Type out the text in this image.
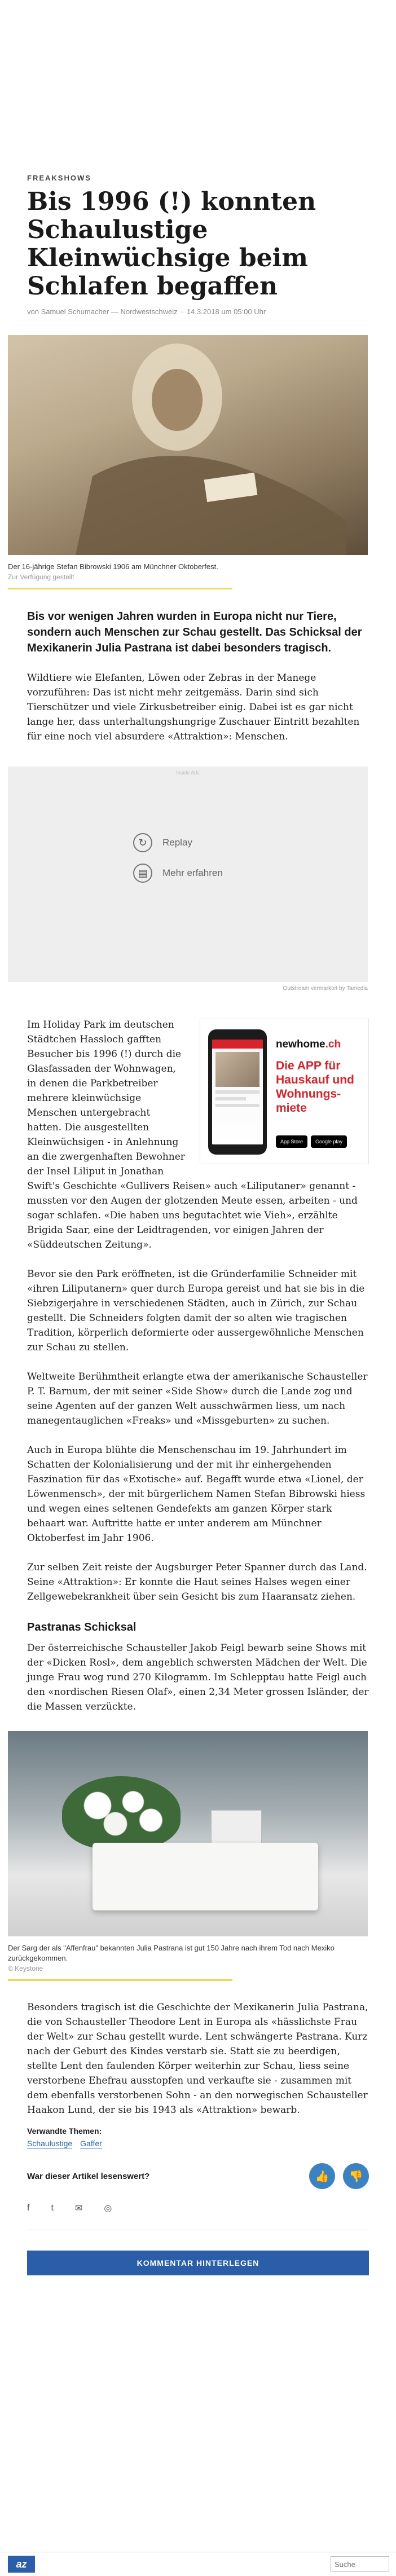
FREAKSHOWS
Bis 1996 (!) konnten Schaulustige Kleinwüchsige beim Schlafen begaffen
von Samuel Schumacher — Nordwestschweiz · 14.3.2018 um 05:00 Uhr
Der 16-jährige Stefan Bibrowski 1906 am Münchner Oktoberfest.
Zur Verfügung gestellt

Bis vor wenigen Jahren wurden in Europa nicht nur Tiere, sondern auch Menschen zur Schau gestellt. Das Schicksal der Mexikanerin Julia Pastrana ist dabei besonders tragisch.

Wildtiere wie Elefanten, Löwen oder Zebras in der Manege vorzuführen: Das ist nicht mehr zeitgemäss. Darin sind sich Tierschützer und viele Zirkusbetreiber einig. Dabei ist es gar nicht lange her, dass unterhaltungshungrige Zuschauer Eintritt bezahlten für eine noch viel absurdere «Attraktion»: Menschen.

Inside Ads
↻	Replay
▤	Mehr erfahren
Outstream vermarktet by Tamedia
newhome.ch
Die APP für Hauskauf und Wohnungs-miete
App Store	Google play

Im Holiday Park im deutschen Städtchen Hassloch gafften Besucher bis 1996 (!) durch die Glasfassaden der Wohnwagen, in denen die Parkbetreiber mehrere kleinwüchsige Menschen untergebracht hatten. Die ausgestellten Kleinwüchsigen - in Anlehnung an die zwergenhaften Bewohner der Insel Liliput in Jonathan Swift's Geschichte «Gullivers Reisen» auch «Liliputaner» genannt - mussten vor den Augen der glotzenden Meute essen, arbeiten - und sogar schlafen. «Die haben uns begutachtet wie Vieh», erzählte Brigida Saar, eine der Leidtragenden, vor einigen Jahren der «Süddeutschen Zeitung».

Bevor sie den Park eröffneten, ist die Gründerfamilie Schneider mit «ihren Liliputanern» quer durch Europa gereist und hat sie bis in die Siebzigerjahre in verschiedenen Städten, auch in Zürich, zur Schau gestellt. Die Schneiders folgten damit der so alten wie tragischen Tradition, körperlich deformierte oder aussergewöhnliche Menschen zur Schau zu stellen.

Weltweite Berühmtheit erlangte etwa der amerikanische Schausteller P. T. Barnum, der mit seiner «Side Show» durch die Lande zog und seine Agenten auf der ganzen Welt ausschwärmen liess, um nach manegentauglichen «Freaks» und «Missgeburten» zu suchen.

Auch in Europa blühte die Menschenschau im 19. Jahrhundert im Schatten der Kolonialisierung und der mit ihr einhergehenden Faszination für das «Exotische» auf. Begafft wurde etwa «Lionel, der Löwenmensch», der mit bürgerlichem Namen Stefan Bibrowski hiess und wegen eines seltenen Gendefekts am ganzen Körper stark behaart war. Auftritte hatte er unter anderem am Münchner Oktoberfest im Jahr 1906.

Zur selben Zeit reiste der Augsburger Peter Spanner durch das Land. Seine «Attraktion»: Er konnte die Haut seines Halses wegen einer Zellgewebekrankheit über sein Gesicht bis zum Haaransatz ziehen.

Pastranas Schicksal

Der österreichische Schausteller Jakob Feigl bewarb seine Shows mit der «Dicken Rosl», dem angeblich schwersten Mädchen der Welt. Die junge Frau wog rund 270 Kilogramm. Im Schlepptau hatte Feigl auch den «nordischen Riesen Olaf», einen 2,34 Meter grossen Isländer, der die Massen verzückte.

Der Sarg der als "Affenfrau" bekannten Julia Pastrana ist gut 150 Jahre nach ihrem Tod nach Mexiko zurückgekommen.
© Keystone

Besonders tragisch ist die Geschichte der Mexikanerin Julia Pastrana, die von Schausteller Theodore Lent in Europa als «hässlichste Frau der Welt» zur Schau gestellt wurde. Lent schwängerte Pastrana. Kurz nach der Geburt des Kindes verstarb sie. Statt sie zu beerdigen, stellte Lent den faulenden Körper weiterhin zur Schau, liess seine verstorbene Ehefrau ausstopfen und verkaufte sie - zusammen mit dem ebenfalls verstorbenen Sohn - an den norwegischen Schausteller Haakon Lund, der sie bis 1943 als «Attraktion» bewarb.

Verwandte Themen:
Schaulustige Gaffer
War dieser Artikel lesenswert?	👍 👎
f t ✉ ◎
KOMMENTAR HINTERLEGEN
az
Suche
